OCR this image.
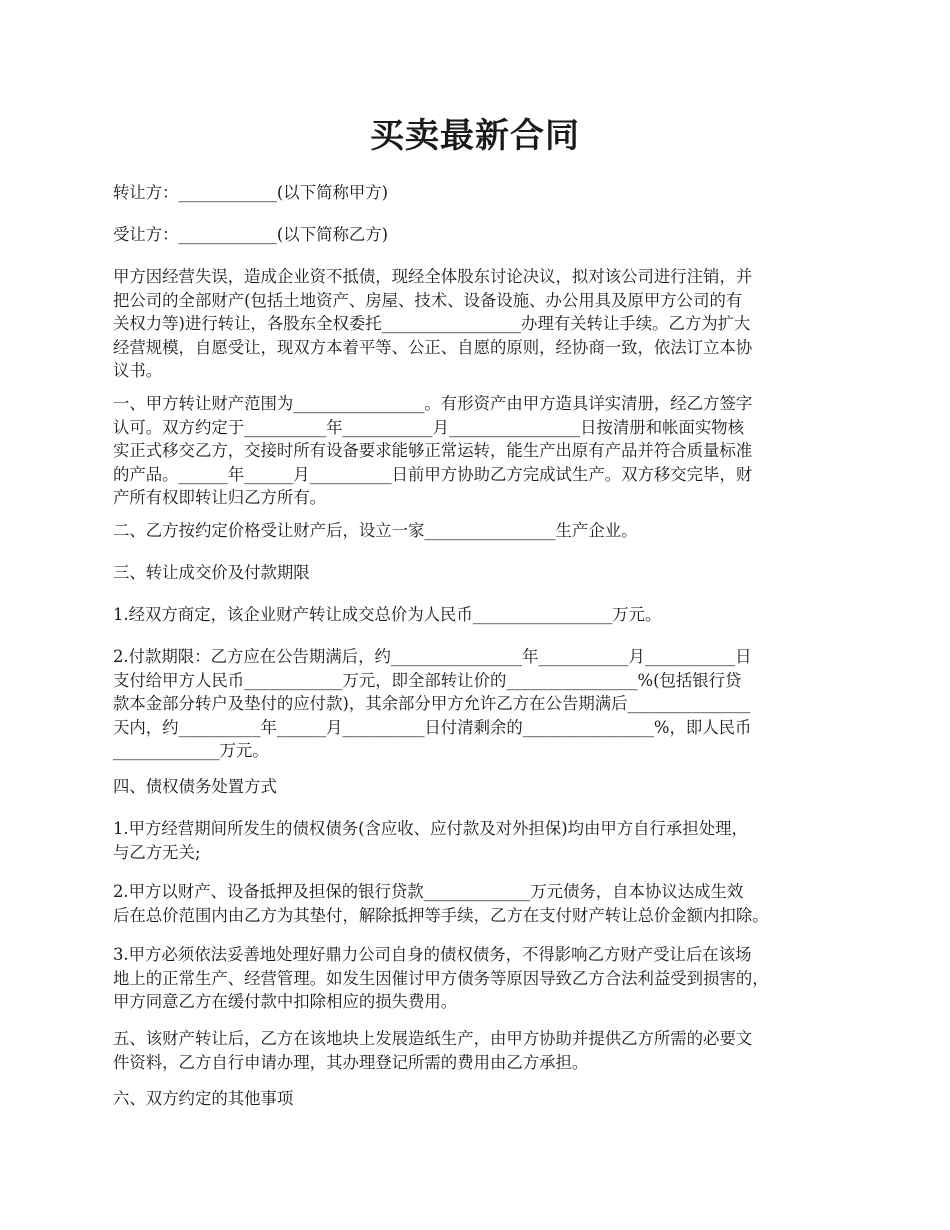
买卖最新合同

转让方：____________(以下简称甲方)

受让方：____________(以下简称乙方)

甲方因经营失误，造成企业资不抵债，现经全体股东讨论决议，拟对该公司进行注销，并
把公司的全部财产(包括土地资产、房屋、技术、设备设施、办公用具及原甲方公司的有
关权力等)进行转让，各股东全权委托_________________办理有关转让手续。乙方为扩大
经营规模，自愿受让，现双方本着平等、公正、自愿的原则，经协商一致，依法订立本协
议书。

一、甲方转让财产范围为________________。有形资产由甲方造具详实清册，经乙方签字
认可。双方约定于__________年___________月________________日按清册和帐面实物核
实正式移交乙方，交接时所有设备要求能够正常运转，能生产出原有产品并符合质量标准
的产品。______年______月__________日前甲方协助乙方完成试生产。双方移交完毕，财
产所有权即转让归乙方所有。

二、乙方按约定价格受让财产后，设立一家________________生产企业。

三、转让成交价及付款期限

1.经双方商定，该企业财产转让成交总价为人民币_________________万元。

2.付款期限：乙方应在公告期满后，约________________年___________月___________日
支付给甲方人民币____________万元，即全部转让价的________________%(包括银行贷
款本金部分转户及垫付的应付款)，其余部分甲方允许乙方在公告期满后_______________
天内，约__________年______月__________日付清剩余的________________%，即人民币
_____________万元。

四、债权债务处置方式

1.甲方经营期间所发生的债权债务(含应收、应付款及对外担保)均由甲方自行承担处理，
与乙方无关;

2.甲方以财产、设备抵押及担保的银行贷款_____________万元债务，自本协议达成生效
后在总价范围内由乙方为其垫付，解除抵押等手续，乙方在支付财产转让总价金额内扣除。

3.甲方必须依法妥善地处理好鼎力公司自身的债权债务，不得影响乙方财产受让后在该场
地上的正常生产、经营管理。如发生因催讨甲方债务等原因导致乙方合法利益受到损害的，
甲方同意乙方在缓付款中扣除相应的损失费用。

五、该财产转让后，乙方在该地块上发展造纸生产，由甲方协助并提供乙方所需的必要文
件资料，乙方自行申请办理，其办理登记所需的费用由乙方承担。

六、双方约定的其他事项
